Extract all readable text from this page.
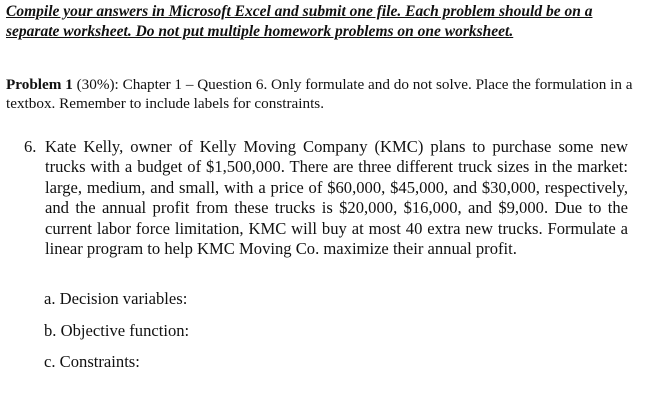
Compile your answers in Microsoft Excel and submit one file. Each problem should be on a separate worksheet. Do not put multiple homework problems on one worksheet.

Problem 1 (30%): Chapter 1 – Question 6. Only formulate and do not solve. Place the formulation in a textbox. Remember to include labels for constraints.

6. Kate Kelly, owner of Kelly Moving Company (KMC) plans to purchase some new trucks with a budget of $1,500,000. There are three different truck sizes in the market: large, medium, and small, with a price of $60,000, $45,000, and $30,000, respectively, and the annual profit from these trucks is $20,000, $16,000, and $9,000. Due to the current labor force limitation, KMC will buy at most 40 extra new trucks. Formulate a linear program to help KMC Moving Co. maximize their annual profit.

a. Decision variables:

b. Objective function:

c. Constraints:
